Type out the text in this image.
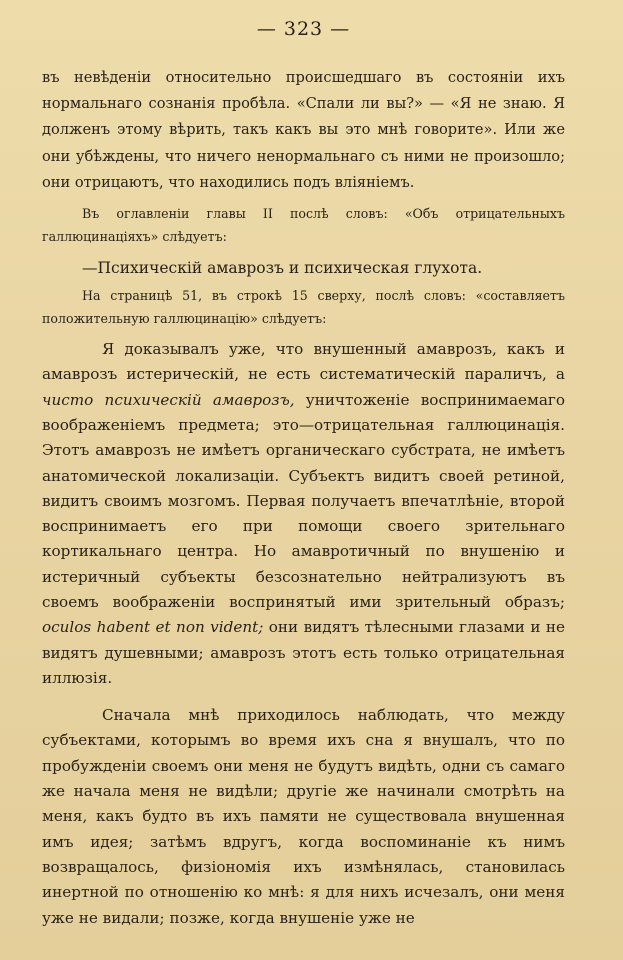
— 323 —

въ невѣденіи относительно происшедшаго въ состояніи ихъ нормальнаго сознанія пробѣла. «Спали ли вы?» — «Я не знаю. Я долженъ этому вѣрить, такъ какъ вы это мнѣ говорите». Или же они убѣждены, что ничего ненормальнаго съ ними не произошло; они отрицаютъ, что находились подъ вліяніемъ.

Въ оглавленіи главы II послѣ словъ: «Объ отрицательныхъ галлюцинаціяхъ» слѣдуетъ:

—Психическій амаврозъ и психическая глухота.

На страницѣ 51, въ строкѣ 15 сверху, послѣ словъ: «составляетъ положительную галлюцинацію» слѣдуетъ:

Я доказывалъ уже, что внушенный амаврозъ, какъ и амаврозъ истерическій, не есть систематическій параличъ, а чисто психическій амаврозъ, уничтоженіе воспринимаемаго воображеніемъ предмета; это—отрицательная галлюцинація. Этотъ амаврозъ не имѣетъ органическаго субстрата, не имѣетъ анатомической локализаціи. Субъектъ видитъ своей ретиной, видитъ своимъ мозгомъ. Первая получаетъ впечатлѣніе, второй воспринимаетъ его при помощи своего зрительнаго кортикальнаго центра. Но амавротичный по внушенію и истеричный субъекты безсознательно нейтрализуютъ въ своемъ воображеніи воспринятый ими зрительный образъ; oculos habent et non vident; они видятъ тѣлесными глазами и не видятъ душевными; амаврозъ этотъ есть только отрицательная иллюзія.

Сначала мнѣ приходилось наблюдать, что между субъектами, которымъ во время ихъ сна я внушалъ, что по пробужденіи своемъ они меня не будутъ видѣть, одни съ самаго же начала меня не видѣли; другіе же начинали смотрѣть на меня, какъ будто въ ихъ памяти не существовала внушенная имъ идея; затѣмъ вдругъ, когда воспоминаніе къ нимъ возвращалось, физіономія ихъ измѣнялась, становилась инертной по отношенію ко мнѣ: я для нихъ исчезалъ, они меня уже не видали; позже, когда внушеніе уже не
